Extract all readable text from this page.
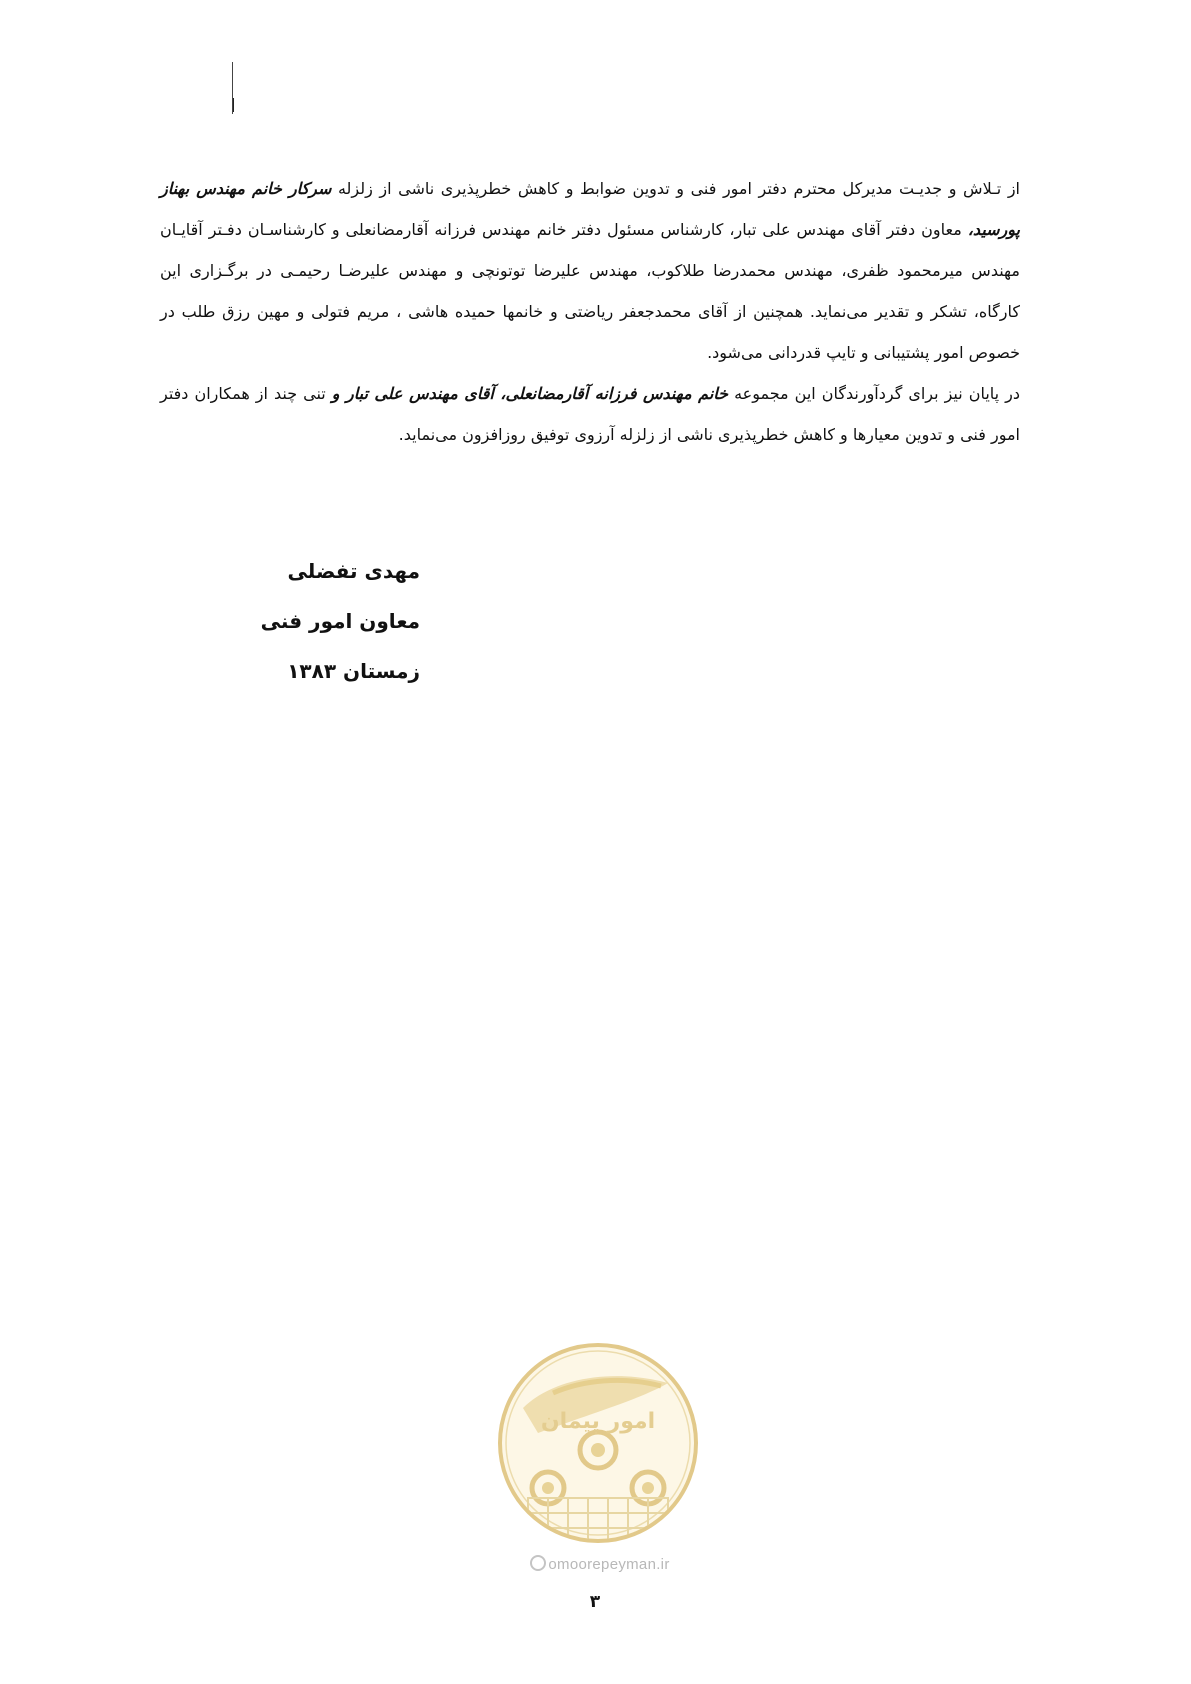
از تـلاش و جدیـت مدیرکل محترم دفتر امور فنی و تدوین ضوابط و کاهش خطرپذیری ناشی از زلزله سرکار خانم مهندس بهناز پورسید، معاون دفتر آقای مهندس علی تبار، کارشناس مسئول دفتر خانم مهندس فرزانه آقارمضانعلی و کارشناسـان دفـتر آقایـان مهندس میرمحمود ظفری، مهندس محمدرضا طلاکوب، مهندس علیرضا توتونچی و مهندس علیرضـا رحیمـی در برگـزاری این کارگاه، تشکر و تقدیر می‌نماید. همچنین از آقای محمدجعفر ریاضتی و خانمها حمیده هاشی ، مریم فتولی و مهین رزق طلب در خصوص امور پشتیبانی و تایپ قدردانی می‌شود.

در پایان نیز برای گردآورندگان این مجموعه خانم مهندس فرزانه آقارمضانعلی، آقای مهندس علی تبار و تنی چند از همکاران دفتر امور فنی و تدوین معیارها و کاهش خطرپذیری ناشی از زلزله آرزوی توفیق روزافزون می‌نماید.

مهدی تفضلی
معاون امور فنی
زمستان ۱۳۸۳
امور پیمان
omoorepeyman.ir
۳
